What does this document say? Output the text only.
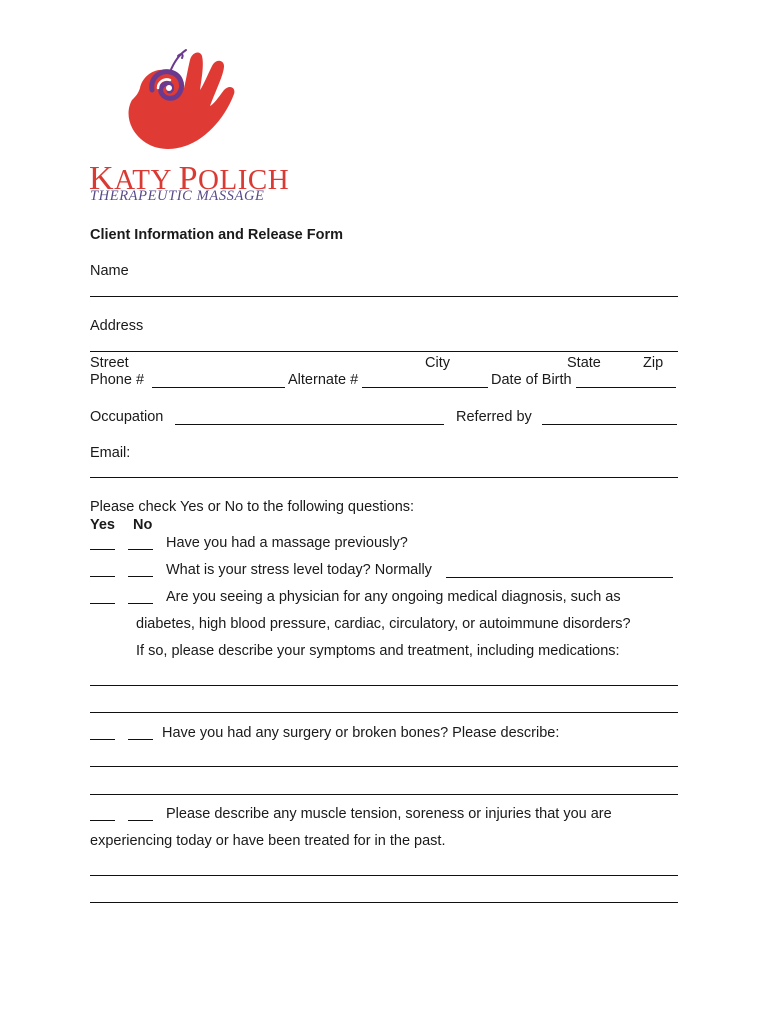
KATY POLICH
THERAPEUTIC MASSAGE
Client Information and Release Form
Name
Address
Street	City	State	Zip
Phone #	Alternate #	Date of Birth
Occupation	Referred by
Email:
Please check Yes or No to the following questions:
Yes No
Have you had a massage previously?
What is your stress level today? Normally
Are you seeing a physician for any ongoing medical diagnosis, such as
diabetes, high blood pressure, cardiac, circulatory, or autoimmune disorders?
If so, please describe your symptoms and treatment, including medications:
Have you had any surgery or broken bones? Please describe:
Please describe any muscle tension, soreness or injuries that you are
experiencing today or have been treated for in the past.
